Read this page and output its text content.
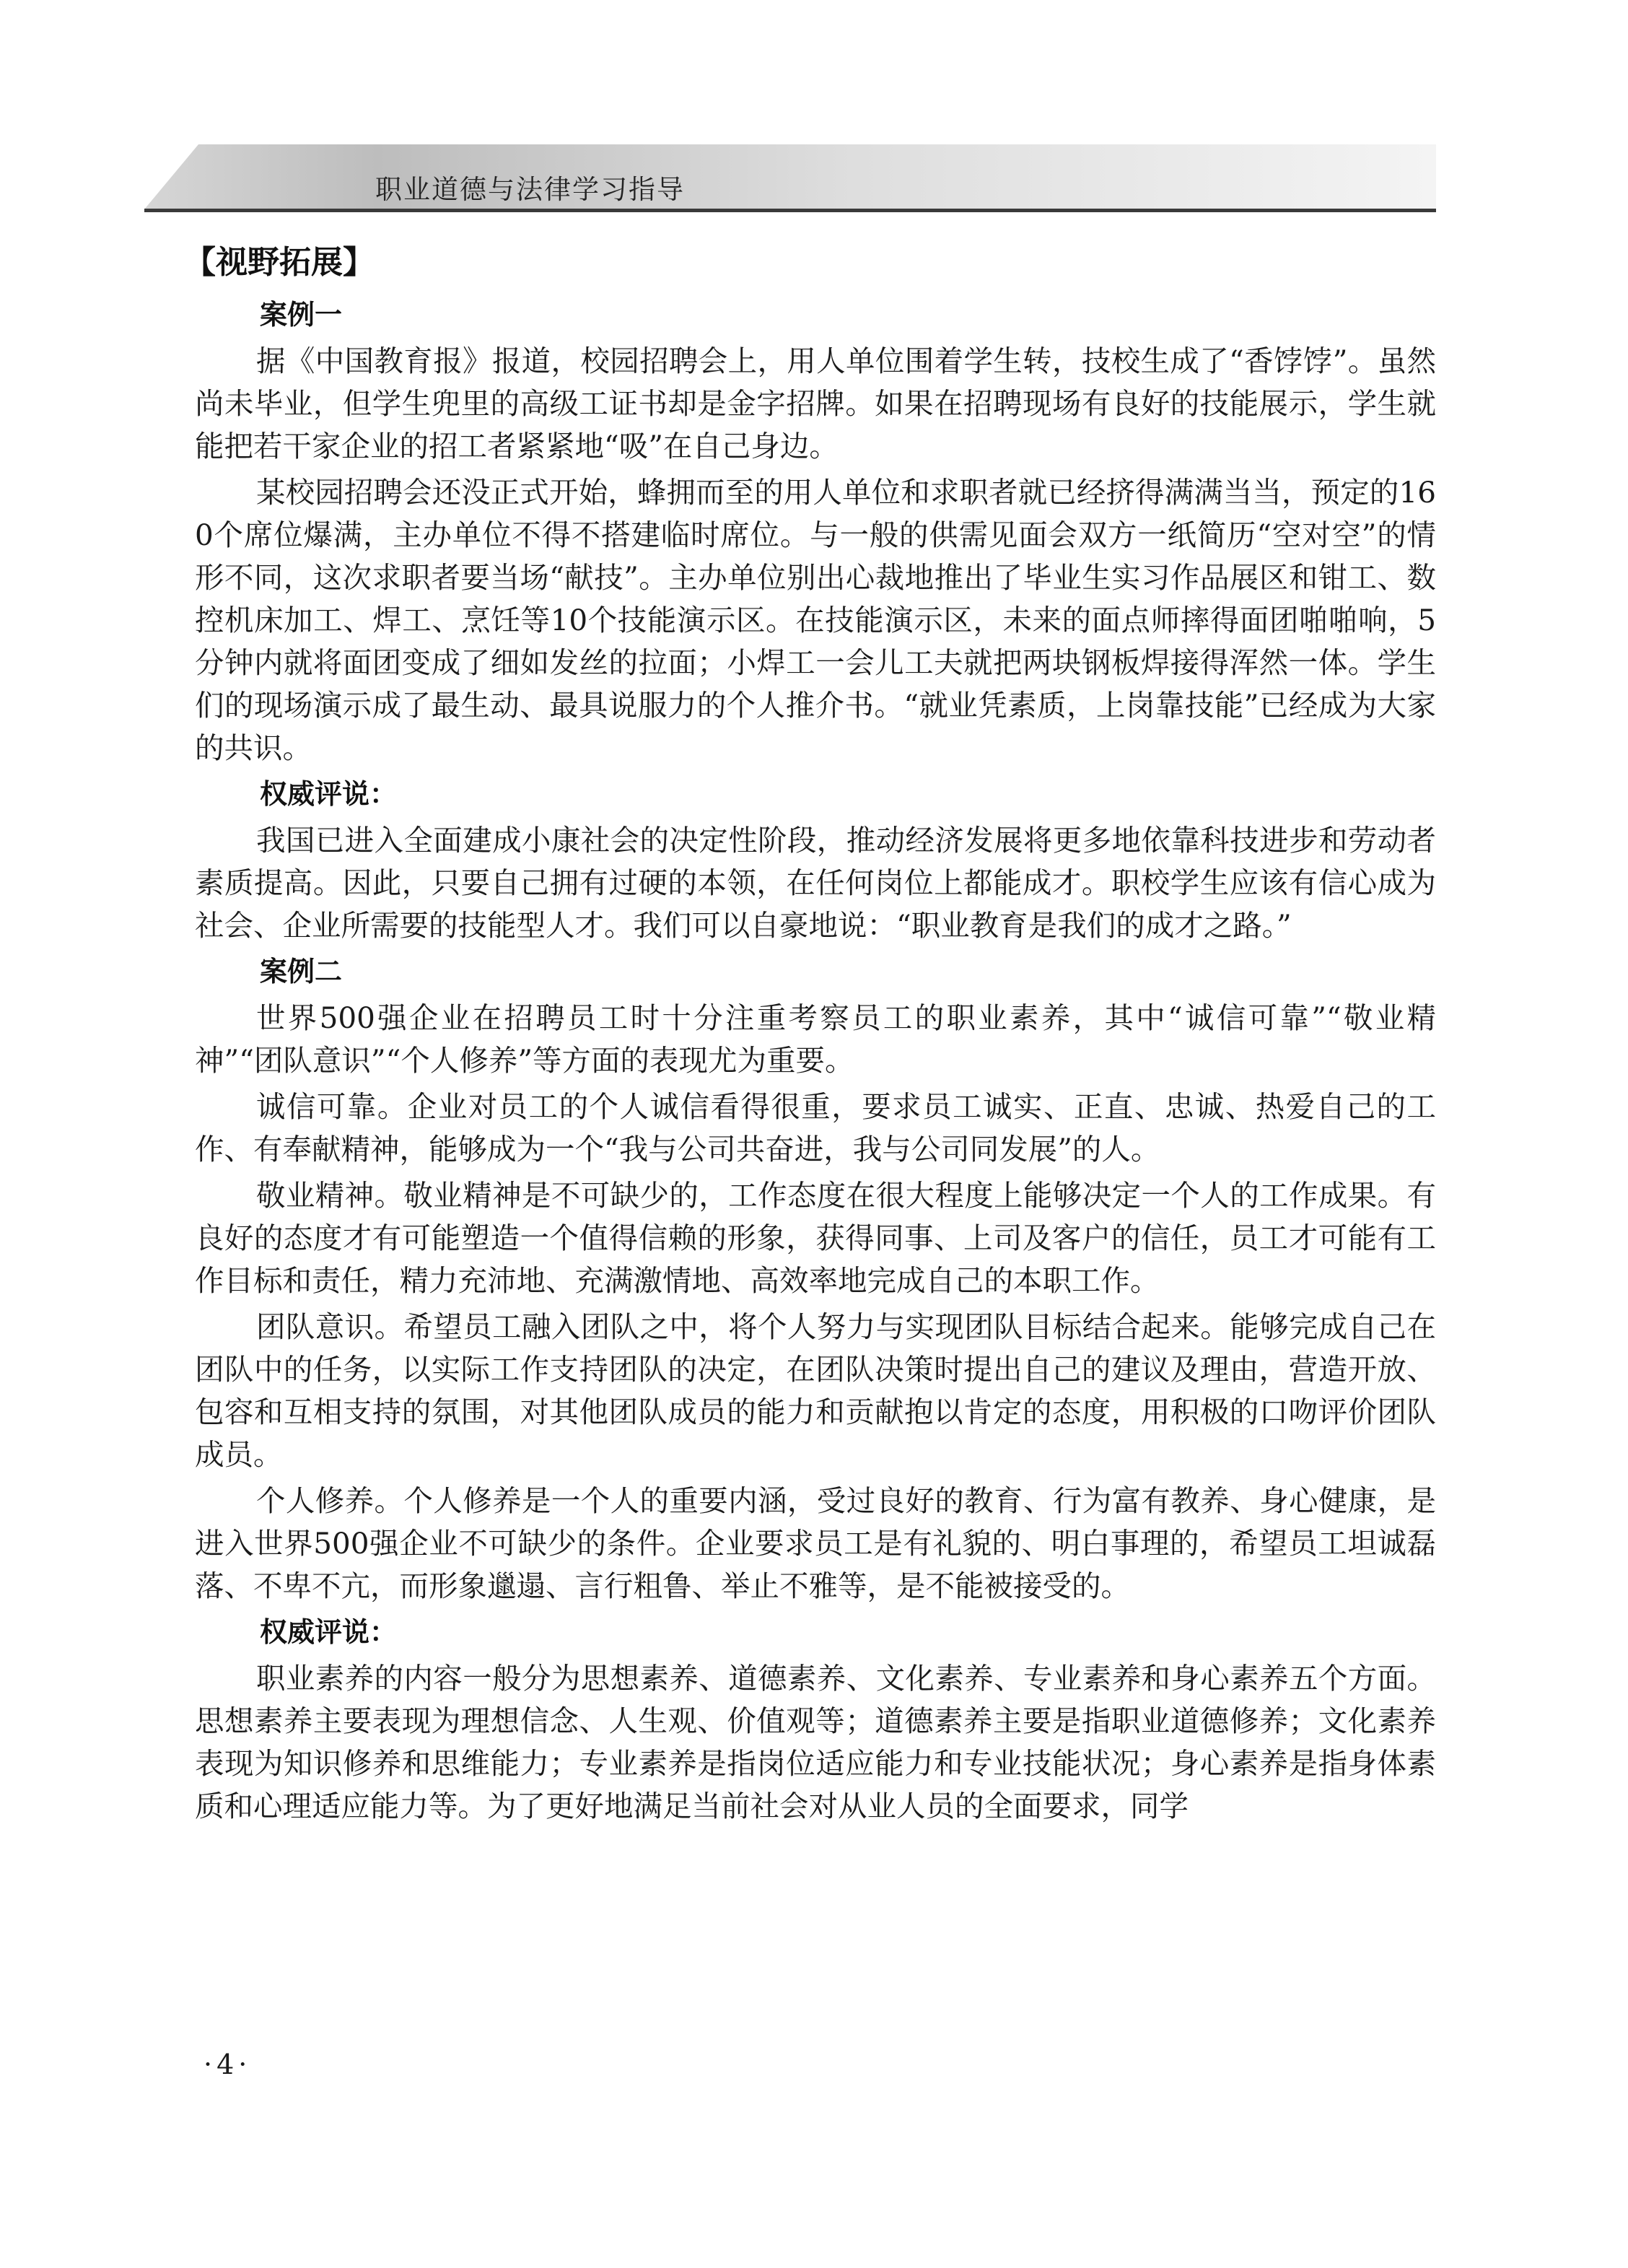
职业道德与法律学习指导
【视野拓展】
案例一

据《中国教育报》报道，校园招聘会上，用人单位围着学生转，技校生成了“香饽饽”。虽然尚未毕业，但学生兜里的高级工证书却是金字招牌。如果在招聘现场有良好的技能展示，学生就能把若干家企业的招工者紧紧地“吸”在自己身边。

某校园招聘会还没正式开始，蜂拥而至的用人单位和求职者就已经挤得满满当当，预定的160个席位爆满，主办单位不得不搭建临时席位。与一般的供需见面会双方一纸简历“空对空”的情形不同，这次求职者要当场“献技”。主办单位别出心裁地推出了毕业生实习作品展区和钳工、数控机床加工、焊工、烹饪等10个技能演示区。在技能演示区，未来的面点师摔得面团啪啪响，5分钟内就将面团变成了细如发丝的拉面；小焊工一会儿工夫就把两块钢板焊接得浑然一体。学生们的现场演示成了最生动、最具说服力的个人推介书。“就业凭素质，上岗靠技能”已经成为大家的共识。

权威评说：

我国已进入全面建成小康社会的决定性阶段，推动经济发展将更多地依靠科技进步和劳动者素质提高。因此，只要自己拥有过硬的本领，在任何岗位上都能成才。职校学生应该有信心成为社会、企业所需要的技能型人才。我们可以自豪地说：“职业教育是我们的成才之路。”

案例二

世界500强企业在招聘员工时十分注重考察员工的职业素养，其中“诚信可靠”“敬业精神”“团队意识”“个人修养”等方面的表现尤为重要。

诚信可靠。企业对员工的个人诚信看得很重，要求员工诚实、正直、忠诚、热爱自己的工作、有奉献精神，能够成为一个“我与公司共奋进，我与公司同发展”的人。

敬业精神。敬业精神是不可缺少的，工作态度在很大程度上能够决定一个人的工作成果。有良好的态度才有可能塑造一个值得信赖的形象，获得同事、上司及客户的信任，员工才可能有工作目标和责任，精力充沛地、充满激情地、高效率地完成自己的本职工作。

团队意识。希望员工融入团队之中，将个人努力与实现团队目标结合起来。能够完成自己在团队中的任务，以实际工作支持团队的决定，在团队决策时提出自己的建议及理由，营造开放、包容和互相支持的氛围，对其他团队成员的能力和贡献抱以肯定的态度，用积极的口吻评价团队成员。

个人修养。个人修养是一个人的重要内涵，受过良好的教育、行为富有教养、身心健康，是进入世界500强企业不可缺少的条件。企业要求员工是有礼貌的、明白事理的，希望员工坦诚磊落、不卑不亢，而形象邋遢、言行粗鲁、举止不雅等，是不能被接受的。

权威评说：

职业素养的内容一般分为思想素养、道德素养、文化素养、专业素养和身心素养五个方面。思想素养主要表现为理想信念、人生观、价值观等；道德素养主要是指职业道德修养；文化素养表现为知识修养和思维能力；专业素养是指岗位适应能力和专业技能状况；身心素养是指身体素质和心理适应能力等。为了更好地满足当前社会对从业人员的全面要求，同学

·4·
